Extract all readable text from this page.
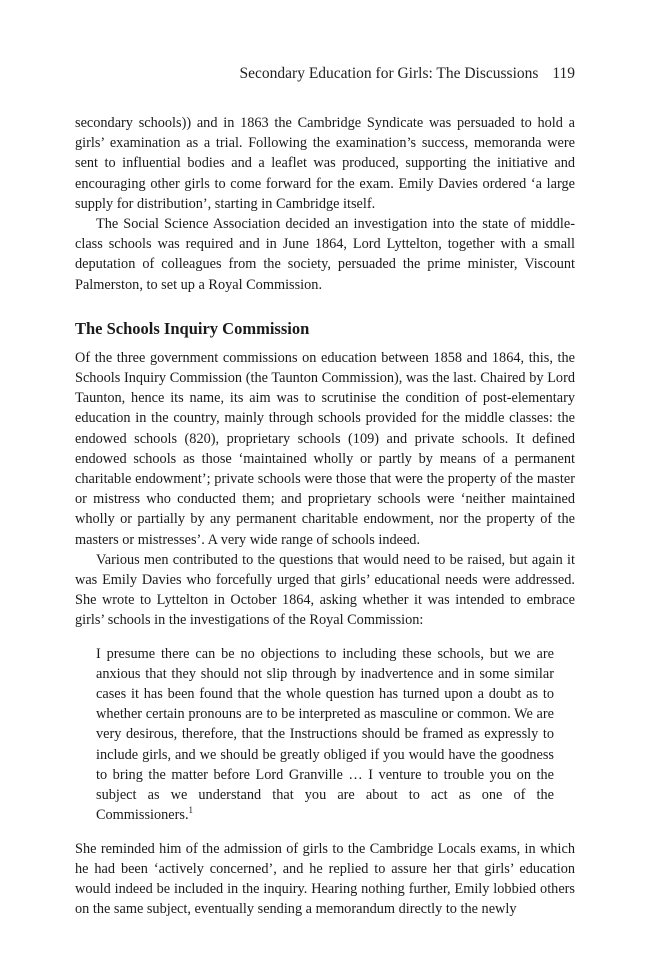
Secondary Education for Girls: The Discussions 119

secondary schools)) and in 1863 the Cambridge Syndicate was persuaded to hold a girls’ examination as a trial. Following the examination’s success, memoranda were sent to influential bodies and a leaflet was produced, supporting the initiative and encouraging other girls to come forward for the exam. Emily Davies ordered ‘a large supply for distribution’, starting in Cambridge itself.

The Social Science Association decided an investigation into the state of middle-class schools was required and in June 1864, Lord Lyttelton, together with a small deputation of colleagues from the society, persuaded the prime minister, Viscount Palmerston, to set up a Royal Commission.

The Schools Inquiry Commission

Of the three government commissions on education between 1858 and 1864, this, the Schools Inquiry Commission (the Taunton Commission), was the last. Chaired by Lord Taunton, hence its name, its aim was to scrutinise the condition of post-elementary education in the country, mainly through schools provided for the middle classes: the endowed schools (820), proprietary schools (109) and private schools. It defined endowed schools as those ‘maintained wholly or partly by means of a permanent charitable endowment’; private schools were those that were the property of the master or mistress who conducted them; and proprietary schools were ‘neither maintained wholly or partially by any permanent charitable endowment, nor the property of the masters or mistresses’. A very wide range of schools indeed.

Various men contributed to the questions that would need to be raised, but again it was Emily Davies who forcefully urged that girls’ educational needs were addressed. She wrote to Lyttelton in October 1864, asking whether it was intended to embrace girls’ schools in the investigations of the Royal Commission:

I presume there can be no objections to including these schools, but we are anxious that they should not slip through by inadvertence and in some similar cases it has been found that the whole question has turned upon a doubt as to whether certain pronouns are to be interpreted as masculine or common. We are very desirous, therefore, that the Instructions should be framed as expressly to include girls, and we should be greatly obliged if you would have the goodness to bring the matter before Lord Granville … I venture to trouble you on the subject as we understand that you are about to act as one of the Commissioners.$^1$

She reminded him of the admission of girls to the Cambridge Locals exams, in which he had been ‘actively concerned’, and he replied to assure her that girls’ education would indeed be included in the inquiry. Hearing nothing further, Emily lobbied others on the same subject, eventually sending a memorandum directly to the newly
